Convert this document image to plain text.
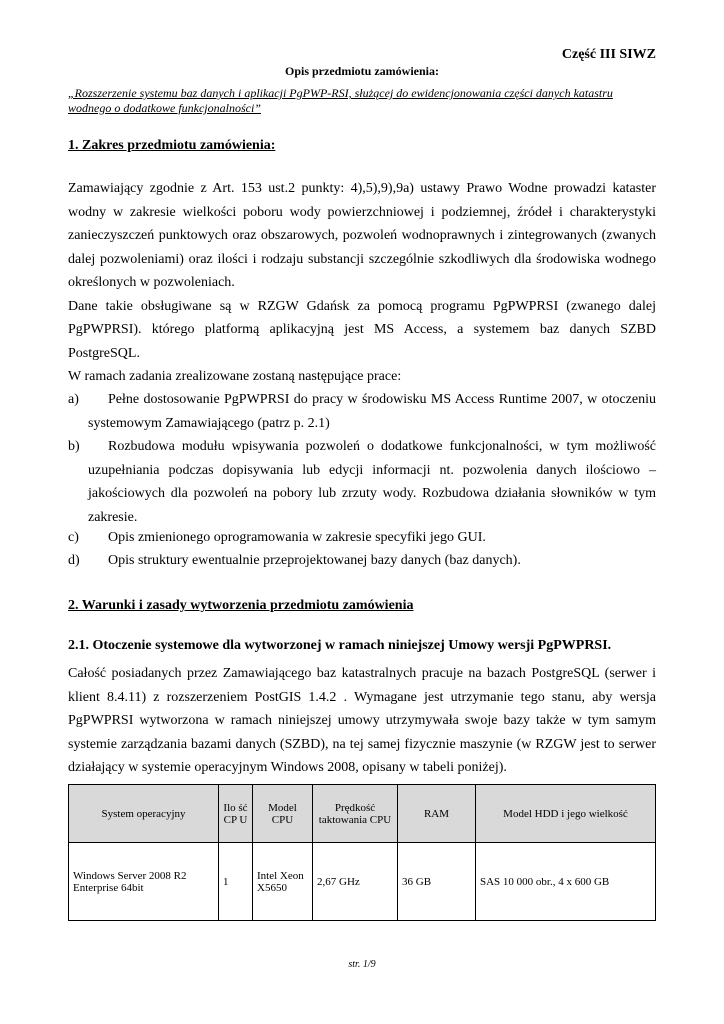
Część III SIWZ
Opis przedmiotu zamówienia:
„Rozszerzenie systemu baz danych i aplikacji PgPWP-RSI, służącej do ewidencjonowania części danych katastru wodnego o dodatkowe funkcjonalności”
1. Zakres przedmiotu zamówienia:

Zamawiający zgodnie z Art. 153 ust.2 punkty: 4),5),9),9a) ustawy Prawo Wodne prowadzi kataster wodny w zakresie wielkości poboru wody powierzchniowej i podziemnej, źródeł i charakterystyki zanieczyszczeń punktowych oraz obszarowych, pozwoleń wodnoprawnych i zintegrowanych (zwanych dalej pozwoleniami) oraz ilości i rodzaju substancji szczególnie szkodliwych dla środowiska wodnego określonych w pozwoleniach.

Dane takie obsługiwane są w RZGW Gdańsk za pomocą programu PgPWPRSI (zwanego dalej PgPWPRSI). którego platformą aplikacyjną jest MS Access, a systemem baz danych SZBD PostgreSQL.

W ramach zadania zrealizowane zostaną następujące prace:
a)	Pełne dostosowanie PgPWPRSI do pracy w środowisku MS Access Runtime 2007, w otoczeniu systemowym Zamawiającego (patrz p. 2.1)
b)	Rozbudowa modułu wpisywania pozwoleń o dodatkowe funkcjonalności, w tym możliwość uzupełniania podczas dopisywania lub edycji informacji nt. pozwolenia danych ilościowo – jakościowych dla pozwoleń na pobory lub zrzuty wody. Rozbudowa działania słowników w tym zakresie.
c)	Opis zmienionego oprogramowania w zakresie specyfiki jego GUI.
d)	Opis struktury ewentualnie przeprojektowanej bazy danych (baz danych).
2. Warunki i zasady wytworzenia przedmiotu zamówienia
2.1. Otoczenie systemowe dla wytworzonej w ramach niniejszej Umowy wersji PgPWPRSI.
Całość posiadanych przez Zamawiającego baz katastralnych pracuje na bazach PostgreSQL (serwer i klient 8.4.11) z rozszerzeniem PostGIS 1.4.2 . Wymagane jest utrzymanie tego stanu, aby wersja PgPWPRSI wytworzona w ramach niniejszej umowy utrzymywała swoje bazy także w tym samym systemie zarządzania bazami danych (SZBD), na tej samej fizycznie maszynie (w RZGW jest to serwer działający w systemie operacyjnym Windows 2008, opisany w tabeli poniżej).
System operacyjny	Ilo ść CP U	Model CPU	Prędkość taktowania CPU	RAM	Model HDD i jego wielkość
Windows Server 2008 R2 Enterprise 64bit	1	Intel Xeon X5650	2,67 GHz	36 GB	SAS 10 000 obr., 4 x 600 GB
str. 1/9
